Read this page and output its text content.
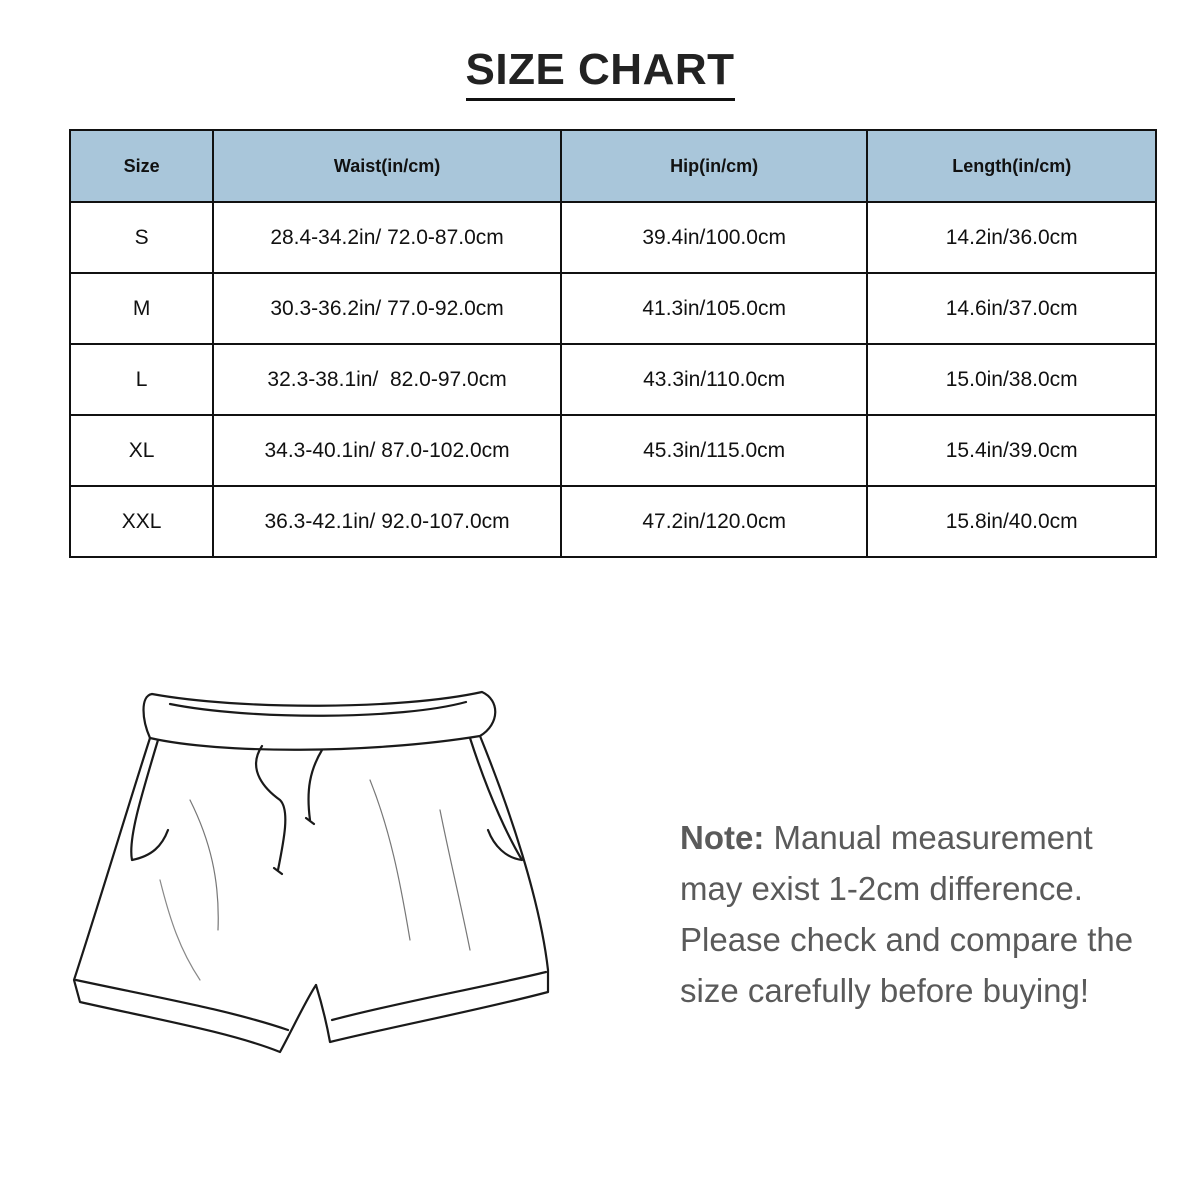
SIZE CHART
Size	Waist(in/cm)	Hip(in/cm)	Length(in/cm)
S	28.4-34.2in/ 72.0-87.0cm	39.4in/100.0cm	14.2in/36.0cm
M	30.3-36.2in/ 77.0-92.0cm	41.3in/105.0cm	14.6in/37.0cm
L	32.3-38.1in/  82.0-97.0cm	43.3in/110.0cm	15.0in/38.0cm
XL	34.3-40.1in/ 87.0-102.0cm	45.3in/115.0cm	15.4in/39.0cm
XXL	36.3-42.1in/ 92.0-107.0cm	47.2in/120.0cm	15.8in/40.0cm
Note: Manual measurement may exist 1-2cm difference. Please check and compare the size carefully before buying!
